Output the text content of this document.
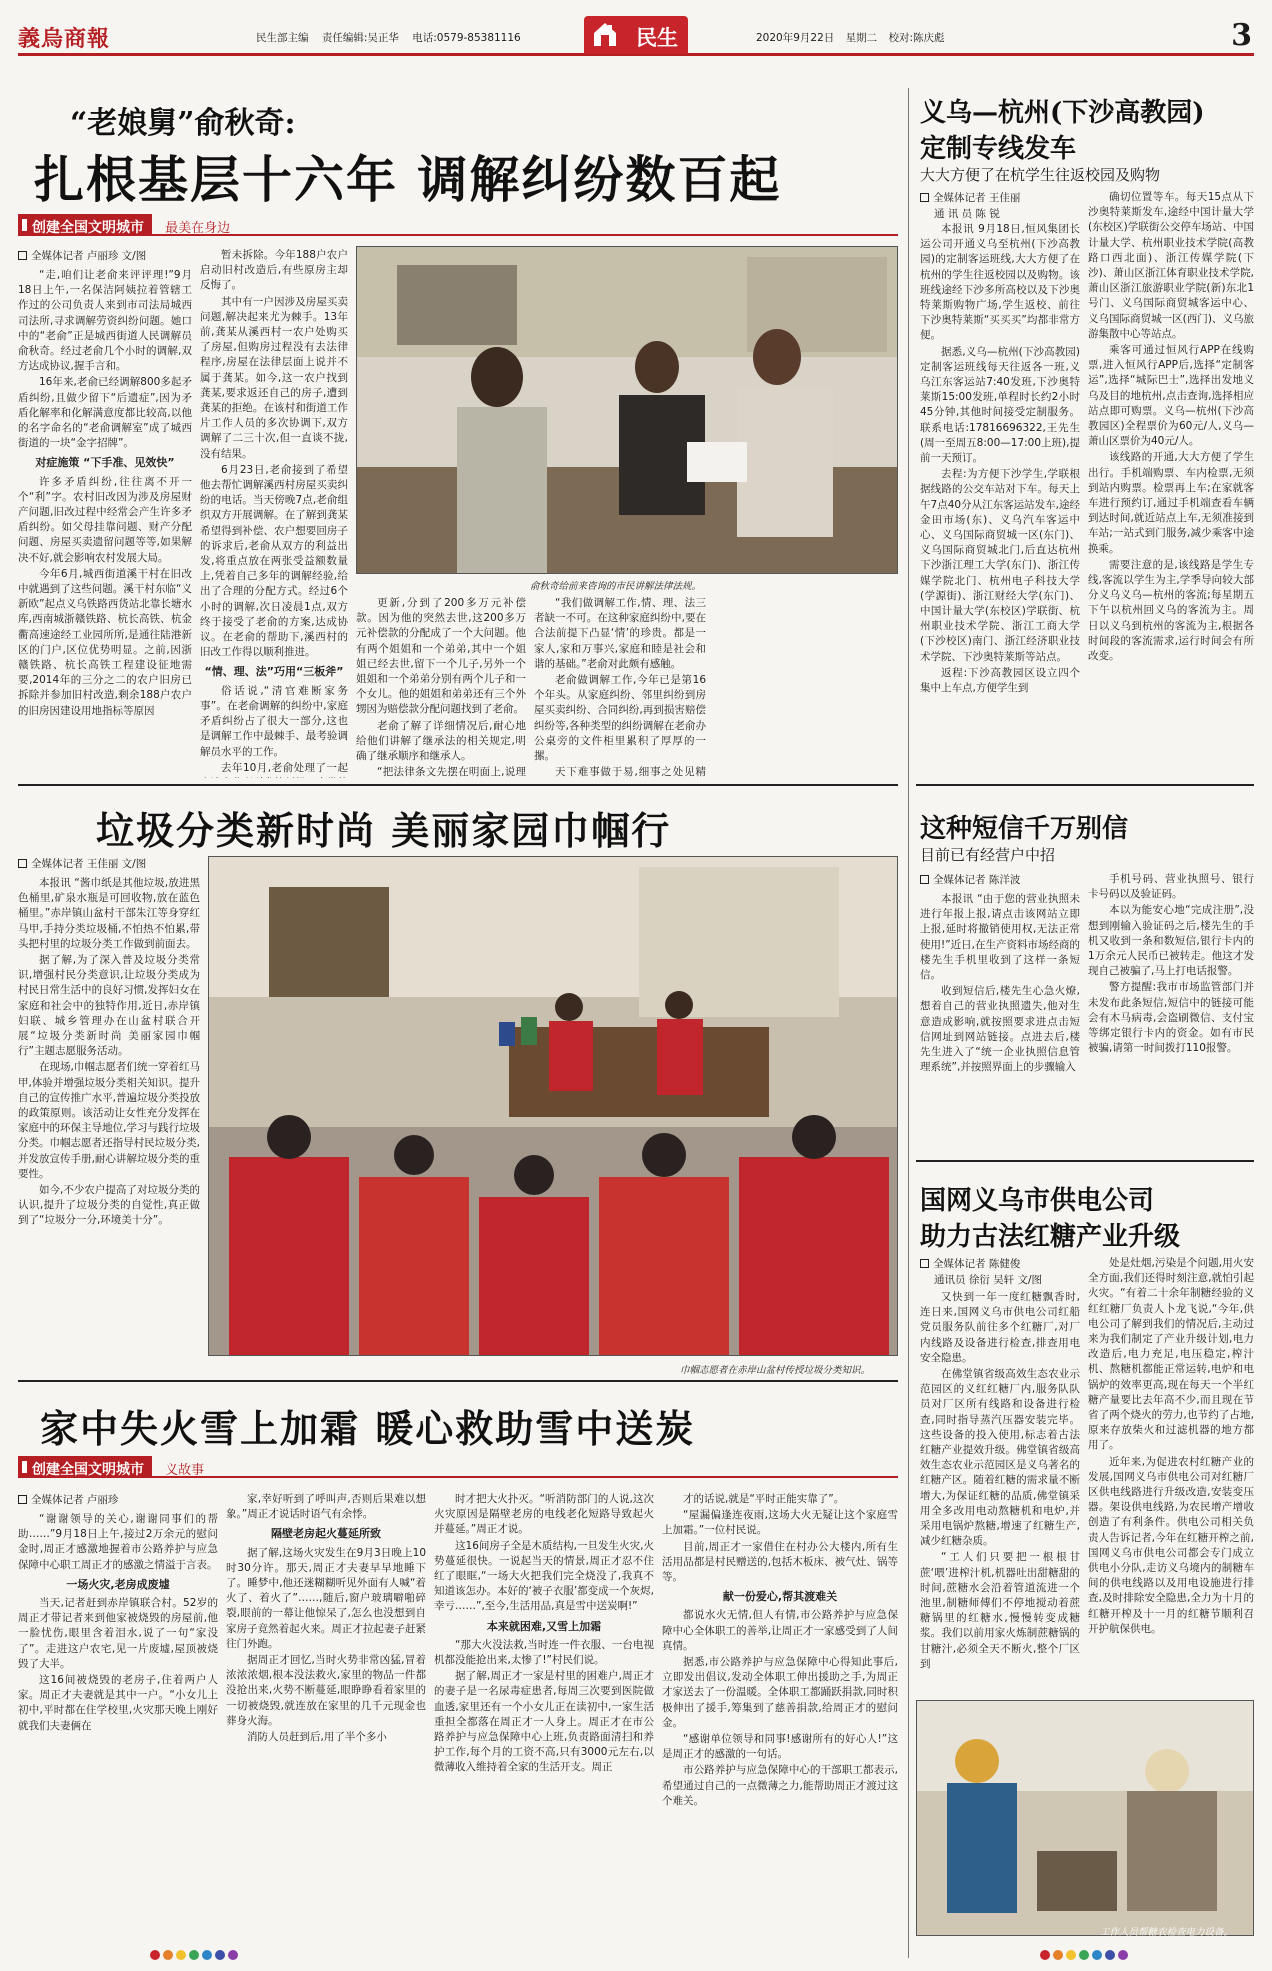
義烏商報	民生部主编 责任编辑:吴正华 电话:0579-85381116	民生	2020年9月22日 星期二 校对:陈庆彪	3
“老娘舅”俞秋奇:
扎根基层十六年 调解纠纷数百起
创建全国文明城市 最美在身边
全媒体记者 卢丽珍 文/图

“走,咱们让老俞来评评理!”9月18日上午,一名保洁阿姨拉着管辖工作过的公司负责人来到市司法局城西司法所,寻求调解劳资纠纷问题。她口中的“老俞”正是城西街道人民调解员俞秋奇。经过老俞几个小时的调解,双方达成协议,握手言和。

16年来,老俞已经调解800多起矛盾纠纷,且做少留下“后遗症”,因为矛盾化解率和化解满意度都比较高,以他的名字命名的“老俞调解室”成了城西街道的一块“金字招牌”。

对症施策 “下手准、见效快”

许多矛盾纠纷,往往离不开一个“利”字。农村旧改因为涉及房屋财产问题,旧改过程中经常会产生许多矛盾纠纷。如父母挂靠问题、财产分配问题、房屋买卖遗留问题等等,如果解决不好,就会影响农村发展大局。

今年6月,城西街道溪干村在旧改中就遇到了这些问题。溪干村东临“义新欧”起点义乌铁路西货站北靠长塘水库,西南城浙赣铁路、杭长高铁、杭金衢高速途经工业园所所,是通往陆港新区的门户,区位优势明显。之前,因浙赣铁路、杭长高铁工程建设征地需要,2014年的三分之二的农户旧房已拆除并参加旧村改造,剩余188户农户的旧房因建设用地指标等原因

暂未拆除。今年188户农户启动旧村改造后,有些原房主却反悔了。

其中有一户因涉及房屋买卖问题,解决起来尤为棘手。13年前,龚某从溪西村一农户处购买了房屋,但购房过程没有去法律程序,房屋在法律层面上说并不属于龚某。如今,这一农户找到龚某,要求返还自己的房子,遭到龚某的拒绝。在该村和街道工作片工作人员的多次协调下,双方调解了二三十次,但一直谈不拢,没有结果。

6月23日,老俞接到了希望他去帮忙调解溪西村房屋买卖纠纷的电话。当天傍晚7点,老俞组织双方开展调解。在了解到龚某希望得到补偿、农户想要回房子的诉求后,老俞从双方的利益出发,将重点放在两张受益额数量上,凭着自己多年的调解经验,给出了合理的分配方式。经过6个小时的调解,次日凌晨1点,双方终于接受了老俞的方案,达成协议。在老俞的帮助下,溪西村的旧改工作得以顺利推进。

“情、理、法”巧用“三板斧”

俗话说,“清官难断家务事”。在老俞调解的纠纷中,家庭矛盾纠纷占了很大一部分,这也是调解工作中最棘手、最考验调解员水平的工作。

去年10月,老俞处理了一起

俞秋奇给前来咨询的市民讲解法律法规。

更新,分到了200多万元补偿款。因为他的突然去世,这200多万元补偿款的分配成了一个大问题。他有两个姐姐和一个弟弟,其中一个姐姐已经去世,留下一个儿子,另外一个姐姐和一个弟弟分别有两个儿子和一个女儿。他的姐姐和弟弟还有三个外甥因为赔偿款分配问题找到了老俞。

老俞了解了详细情况后,耐心地给他们讲解了继承法的相关规定,明确了继承顺序和继承人。

“把法律条文先摆在明面上,说理

“我们做调解工作,情、理、法三者缺一不可。在这种家庭纠纷中,要在合法前提下凸显‘情’的珍贵。都是一家人,家和万事兴,家庭和睦是社会和谐的基础。”老俞对此颇有感触。

老俞做调解工作,今年已是第16个年头。从家庭纠纷、邻里纠纷到房屋买卖纠纷、合同纠纷,再到损害赔偿纠纷等,各种类型的纠纷调解在老俞办公桌旁的文件柜里累积了厚厚的一摞。

天下难事做于易,细事之处见精

义乌—杭州(下沙高教园)
定制专线发车
大大方便了在杭学生往返校园及购物
全媒体记者 王佳丽
通 讯 员 陈 锐

本报讯 9月18日,恒风集团长运公司开通义乌至杭州(下沙高教园)的定制客运班线,大大方便了在杭州的学生往返校园以及购物。该班线途经下沙多所高校以及下沙奥特莱斯购物广场,学生返校、前往下沙奥特莱斯“买买买”均都非常方便。

据悉,义乌—杭州(下沙高教园)定制客运班线每天往返各一班,义乌江东客运站7:40发班,下沙奥特莱斯15:00发班,单程时长约2小时45分钟,其他时间接受定制服务。联系电话:17816696322,王先生(周一至周五8:00—17:00上班),提前一天预订。

去程:为方便下沙学生,学联根据线路的公交车站对下车。每天上午7点40分从江东客运站发车,途经金田市场(东)、义乌汽车客运中心、义乌国际商贸城一区(东门)、义乌国际商贸城北门,后直达杭州下沙浙江理工大学(东门)、浙江传媒学院北门、杭州电子科技大学(学源街)、浙江财经大学(东门)、中国计量大学(东校区)学联街、杭州职业技术学院、浙江工商大学(下沙校区)南门、浙江经济职业技术学院、下沙奥特莱斯等站点。

返程:下沙高教园区设立四个集中上车点,方便学生到

确切位置等车。每天15点从下沙奥特莱斯发车,途经中国计量大学(东校区)学联街公交停车场站、中国计量大学、杭州职业技术学院(高教路口西北面)、浙江传媒学院(下沙)、萧山区浙江体育职业技术学院,萧山区浙江旅游职业学院(新)东北1号门、义乌国际商贸城客运中心、义乌国际商贸城一区(西门)、义乌旅游集散中心等站点。

乘客可通过恒风行APP在线购票,进入恒风行APP后,选择“定制客运”,选择“城际巴士”,选择出发地义乌及目的地杭州,点击查询,选择相应站点即可购票。义乌—杭州(下沙高教园区)全程票价为60元/人,义乌—萧山区票价为40元/人。

该线路的开通,大大方便了学生出行。手机端购票、车内检票,无须到站内购票。检票再上车;在家就客车进行预约订,通过手机端查看车辆到达时间,就近站点上车,无须准接到车站;一站式到门服务,减少乘客中途换乘。

需要注意的是,该线路是学生专线,客流以学生为主,学季导向较大部分义乌义乌—杭州的客流;每星期五下午以杭州回义乌的客流为主。周日以义乌到杭州的客流为主,根据各时间段的客流需求,运行时间会有所改变。

这种短信千万别信
目前已有经营户中招
全媒体记者 陈洋波

本报讯 “由于您的营业执照未进行年报上报,请点击该网站立即上报,延时将撤销使用权,无法正常使用!”近日,在生产资料市场经商的楼先生手机里收到了这样一条短信。

收到短信后,楼先生心急火燎,想着自己的营业执照遗失,他对生意造成影响,就按照要求进点击短信网址到网站链接。点进去后,楼先生进入了“统一企业执照信息管理系统”,并按照界面上的步骤输入

手机号码、营业执照号、银行卡号码以及验证码。

本以为能安心地“完成注册”,没想到刚输入验证码之后,楼先生的手机又收到一条和数短信,银行卡内的1万余元人民币已被转走。他这才发现自己被骗了,马上打电话报警。

警方提醒:我市市场监管部门并未发布此条短信,短信中的链接可能会有木马病毒,会盗刷微信、支付宝等绑定银行卡内的资金。如有市民被骗,请第一时间拨打110报警。

垃圾分类新时尚 美丽家园巾帼行
全媒体记者 王佳丽 文/图

本报讯 “酱巾纸是其他垃圾,放进黑色桶里,矿泉水瓶是可回收物,放在蓝色桶里。”赤岸镇山盆村干部朱江等身穿红马甲,手持分类垃圾桶,不怕热不怕累,带头把村里的垃圾分类工作做到前面去。

据了解,为了深入普及垃圾分类常识,增强村民分类意识,让垃圾分类成为村民日常生活中的良好习惯,发挥妇女在家庭和社会中的独特作用,近日,赤岸镇妇联、城乡管理办在山盆村联合开展“垃圾分类新时尚 美丽家园巾帼行”主题志愿服务活动。

在现场,巾帼志愿者们统一穿着红马甲,体验并增强垃圾分类相关知识。提升自己的宣传推广水平,普遍垃圾分类投放的政策原则。该活动让女性充分发挥在家庭中的环保主导地位,学习与践行垃圾分类。巾帼志愿者还指导村民垃圾分类,并发放宣传手册,耐心讲解垃圾分类的重要性。

如今,不少农户提高了对垃圾分类的认识,提升了垃圾分类的自觉性,真正做到了“垃圾分一分,环境美十分”。

巾帼志愿者在赤岸山盆村传授垃圾分类知识。
国网义乌市供电公司
助力古法红糖产业升级
全媒体记者 陈健俊
通讯员 徐衍 吴轩 文/图

又快到一年一度红糖飘香时,连日来,国网义乌市供电公司红船党员服务队前往多个红糖厂,对厂内线路及设备进行检查,排查用电安全隐患。

在佛堂镇省级高效生态农业示范园区的义红红糖厂内,服务队队员对厂区所有线路和设备进行检查,同时指导蒸汽压器安装完毕。这些设备的投入使用,标志着古法红糖产业提效升级。佛堂镇省级高效生态农业示范园区是义乌著名的红糖产区。随着红糖的需求量不断增大,为保证红糖的品质,佛堂镇采用全多改用电动熬糖机和电炉,并采用电锅炉熬糖,增速了红糖生产,减少红糖杂质。

“工人们只要把一根根甘蔗‘喂’进榨汁机,机器吐出甜糖甜的时间,蔗糖水会沿着管道流进一个池里,制糖师傅们不停地搅动着蔗糖锅里的红糖水,慢慢转变成糖浆。我们以前用家火炼制蔗糖锅的甘糖汁,必须全天不断火,整个厂区到

处是灶烟,污染是个问题,用火安全方面,我们还得时刻注意,就怕引起火灾。“有着二十余年制糖经验的义红红糖厂负责人卜龙飞说,“今年,供电公司了解到我们的情况后,主动过来为我们制定了产业升级计划,电力改造后,电力充足,电压稳定,榨汁机、熬糖机都能正常运转,电炉和电锅炉的效率更高,现在每天一个半红糖产量要比去年高不少,而且现在节省了两个烧火的劳力,也节约了占地,原来存放柴火和过滤机器的地方都用了。

近年来,为促进农村红糖产业的发展,国网义乌市供电公司对红糖厂区供电线路进行升级改造,安装变压器。架设供电线路,为农民增产增收创造了有利条件。供电公司相关负责人告诉记者,今年在红糖开榨之前,国网义乌市供电公司都会专门成立供电小分队,走访义乌境内的制糖车间的供电线路以及用电设施进行排查,及时排除安全隐患,全力为十月的红糖开榨及十一月的红糖节顺利召开护航保供电。

工作人员帮糖农检查电力设备。
家中失火雪上加霜 暖心救助雪中送炭
创建全国文明城市 义故事
全媒体记者 卢丽珍

“谢谢领导的关心,谢谢同事们的帮助……”9月18日上午,接过2万余元的慰问金时,周正才感激地握着市公路养护与应急保障中心职工周正才的感激之情溢于言表。

一场火灾,老房成废墟

当天,记者赶到赤岸镇联合村。52岁的周正才带记者来到他家被烧毁的房屋前,他一脸忧伤,眼里含着泪水,说了一句“家没了”。走进这户农宅,见一片废墟,屋顶被烧毁了大半。

这16间被烧毁的老房子,住着两户人家。周正才夫妻就是其中一户。“小女儿上初中,平时都在住学校里,火灾那天晚上刚好就我们夫妻俩在

家,幸好听到了呼叫声,否则后果难以想象。”周正才说话时语气有余悸。

隔壁老房起火蔓延所致

据了解,这场火灾发生在9月3日晚上10时30分许。那天,周正才夫妻早早地睡下了。睡梦中,他还迷糊糊听见外面有人喊“着火了、着火了”……,随后,窗户玻璃噼啪碎裂,眼前的一幕让他惊呆了,怎么也没想到自家房子竟然着起火来。周正才拉起妻子赶紧往门外跑。

据周正才回忆,当时火势非常凶猛,冒着浓浓浓烟,根本没法救火,家里的物品一件都没抢出来,火势不断蔓延,眼睁睁看着家里的一切被烧毁,就连放在家里的几千元现金也葬身火海。

消防人员赶到后,用了半个多小

时才把大火扑灭。“听消防部门的人说,这次火灾原因是隔壁老房的电线老化短路导致起火并蔓延。”周正才说。

这16间房子全是木质结构,一旦发生火灾,火势蔓延很快。一说起当天的情景,周正才忍不住红了眼眶,“一场大火把我们完全烧没了,我真不知道该怎办。本好的‘被子衣服’都变成一个灰烬,幸亏……”,至今,生活用品,真是雪中送炭啊!”

本来就困难,又雪上加霜

“那大火没法救,当时连一件衣服、一台电视机都没能抢出来,太惨了!”村民们说。

据了解,周正才一家是村里的困难户,周正才的妻子是一名尿毒症患者,每周三次要到医院做血透,家里还有一个小女儿正在读初中,一家生活重担全都落在周正才一人身上。周正才在市公路养护与应急保障中心上班,负责路面清扫和养护工作,每个月的工资不高,只有3000元左右,以微薄收入维持着全家的生活开支。周正

才的话说,就是“平时正能实靠了”。

“屋漏偏逢连夜雨,这场大火无疑让这个家庭雪上加霜。”一位村民说。

目前,周正才一家借住在村办公大楼内,所有生活用品都是村民赠送的,包括木板床、被气灶、锅等等。

献一份爱心,帮其渡难关

都说水火无情,但人有情,市公路养护与应急保障中心全体职工的善举,让周正才一家感受到了人间真情。

据悉,市公路养护与应急保障中心得知此事后,立即发出倡议,发动全体职工伸出援助之手,为周正才家送去了一份温暖。全体职工都踊跃捐款,同时积极伸出了援手,筹集到了慈善捐款,给周正才的慰问金。

“感谢单位领导和同事!感谢所有的好心人!”这是周正才的感激的一句话。

市公路养护与应急保障中心的干部职工都表示,希望通过自己的一点微薄之力,能帮助周正才渡过这个难关。
